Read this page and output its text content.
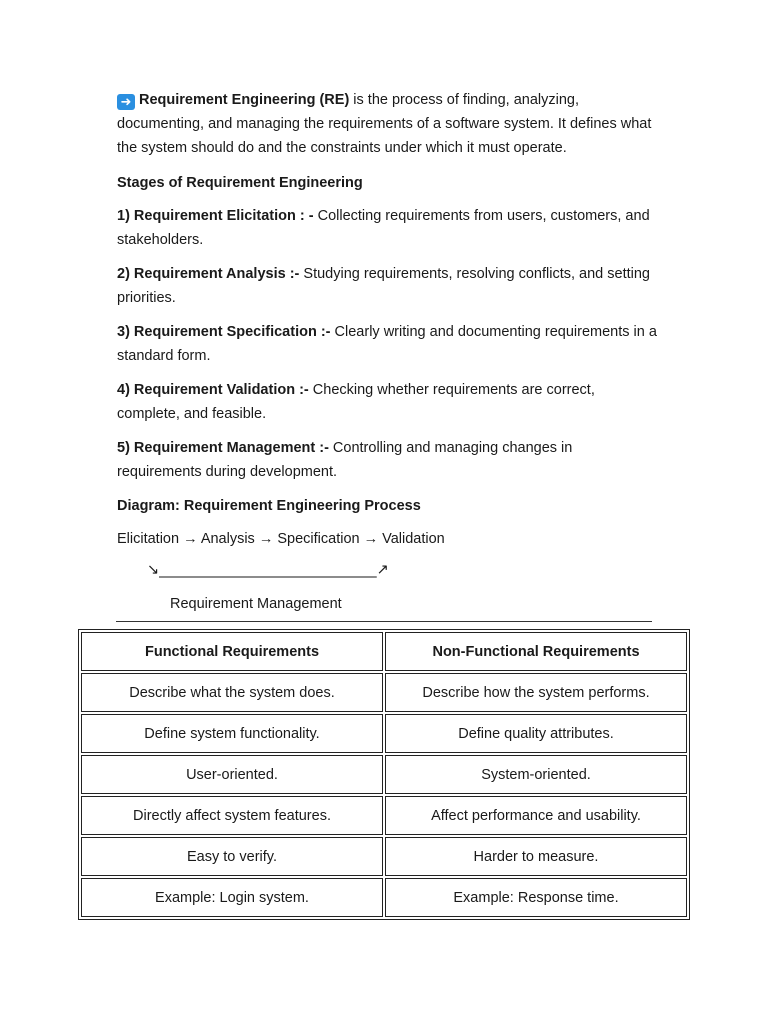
➜ Requirement Engineering (RE) is the process of finding, analyzing, documenting, and managing the requirements of a software system. It defines what the system should do and the constraints under which it must operate.

Stages of Requirement Engineering

1) Requirement Elicitation : - Collecting requirements from users, customers, and stakeholders.

2) Requirement Analysis :- Studying requirements, resolving conflicts, and setting priorities.

3) Requirement Specification :- Clearly writing and documenting requirements in a standard form.

4) Requirement Validation :- Checking whether requirements are correct, complete, and feasible.

5) Requirement Management :- Controlling and managing changes in requirements during development.

Diagram: Requirement Engineering Process

Elicitation → Analysis → Specification → Validation

↘______________________________↗
Requirement Management
Functional Requirements	Non-Functional Requirements
Describe what the system does.	Describe how the system performs.
Define system functionality.	Define quality attributes.
User-oriented.	System-oriented.
Directly affect system features.	Affect performance and usability.
Easy to verify.	Harder to measure.
Example: Login system.	Example: Response time.
